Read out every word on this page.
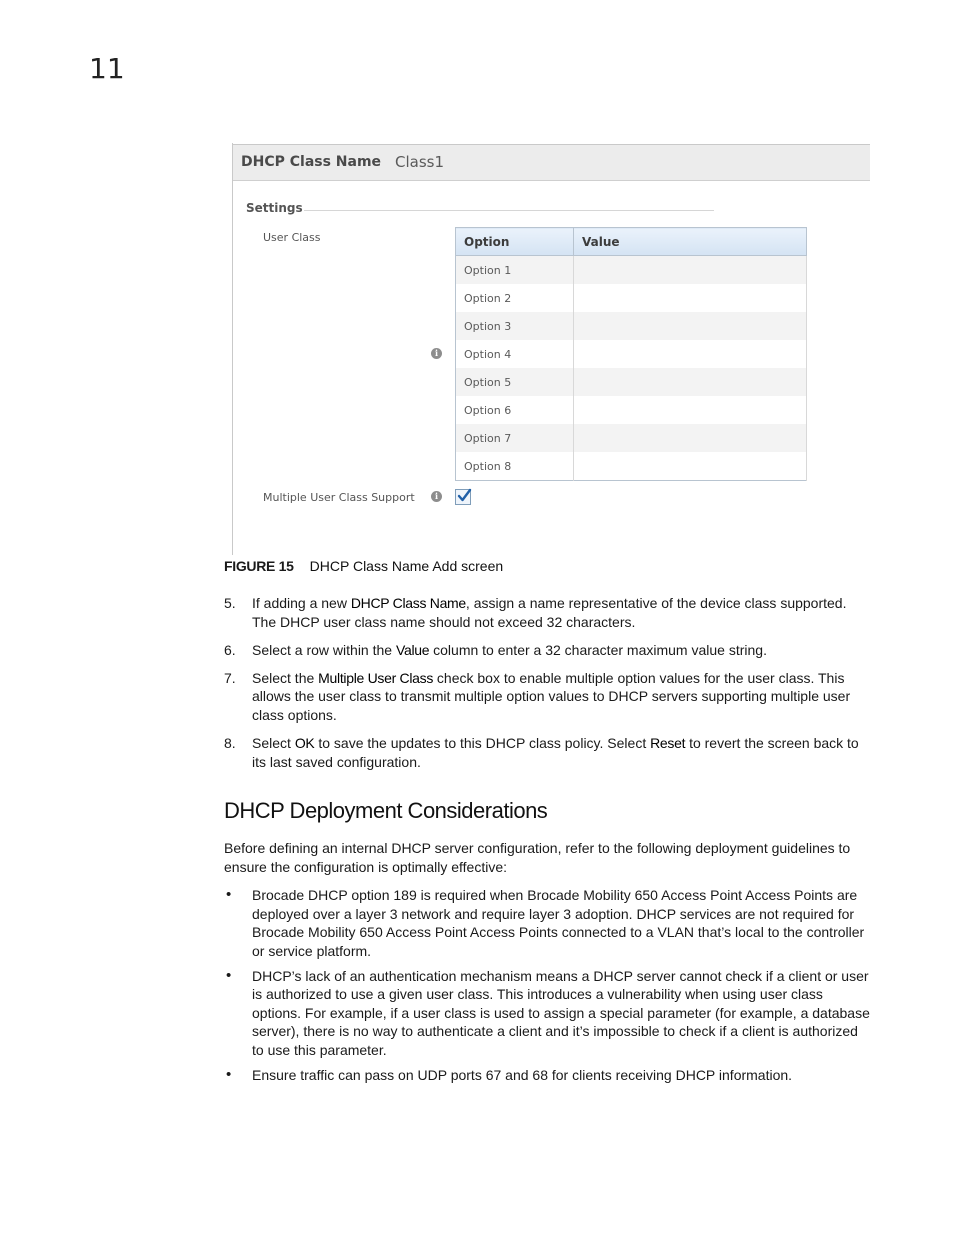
11
DHCP Class Name Class1
Settings
User Class
i
Option	Value
Option 1	
Option 2	
Option 3	
Option 4	
Option 5	
Option 6	
Option 7	
Option 8	
Multiple User Class Support	i
FIGURE 15 DHCP Class Name Add screen
5. If adding a new DHCP Class Name, assign a name representative of the device class supported. The DHCP user class name should not exceed 32 characters.
6. Select a row within the Value column to enter a 32 character maximum value string.
7. Select the Multiple User Class check box to enable multiple option values for the user class. This allows the user class to transmit multiple option values to DHCP servers supporting multiple user class options.
8. Select OK to save the updates to this DHCP class policy. Select Reset to revert the screen back to its last saved configuration.
DHCP Deployment Considerations
Before defining an internal DHCP server configuration, refer to the following deployment guidelines to ensure the configuration is optimally effective:
• Brocade DHCP option 189 is required when Brocade Mobility 650 Access Point Access Points are deployed over a layer 3 network and require layer 3 adoption. DHCP services are not required for Brocade Mobility 650 Access Point Access Points connected to a VLAN that’s local to the controller or service platform.
• DHCP’s lack of an authentication mechanism means a DHCP server cannot check if a client or user is authorized to use a given user class. This introduces a vulnerability when using user class options. For example, if a user class is used to assign a special parameter (for example, a database server), there is no way to authenticate a client and it’s impossible to check if a client is authorized to use this parameter.
• Ensure traffic can pass on UDP ports 67 and 68 for clients receiving DHCP information.
